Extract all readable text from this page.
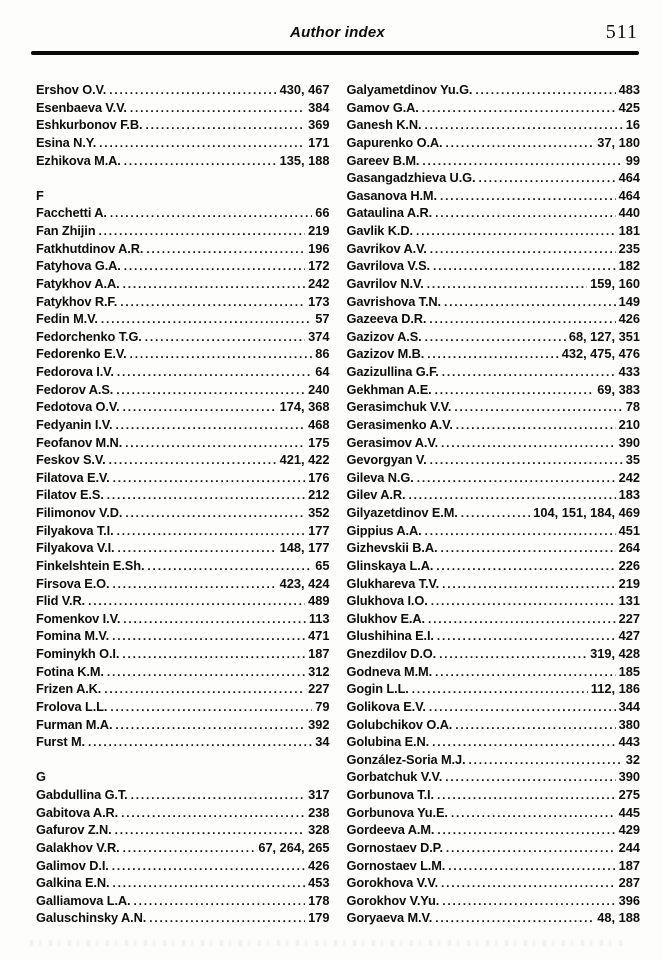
Author index	511
Ershov O.V. .....	430, 467
Esenbaeva V.V. .....	384
Eshkurbonov F.B. .....	369
Esina N.Y. .....	171
Ezhikova M.A. .....	135, 188
F
Facchetti A. .....	66
Fan Zhijin .....	219
Fatkhutdinov A.R. .....	196
Fatyhova G.A. .....	172
Fatykhov A.A. .....	242
Fatykhov R.F. .....	173
Fedin M.V. .....	57
Fedorchenko T.G. .....	374
Fedorenko E.V. .....	86
Fedorova I.V. .....	64
Fedorov A.S. .....	240
Fedotova O.V. .....	174, 368
Fedyanin I.V. .....	468
Feofanov M.N. .....	175
Feskov S.V. .....	421, 422
Filatova E.V. .....	176
Filatov E.S. .....	212
Filimonov V.D. .....	352
Filyakova T.I. .....	177
Filyakova V.I. .....	148, 177
Finkelshtein E.Sh. .....	65
Firsova E.O. .....	423, 424
Flid V.R. .....	489
Fomenkov I.V. .....	113
Fomina M.V. .....	471
Fominykh O.I. .....	187
Fotina K.M. .....	312
Frizen A.K. .....	227
Frolova L.L. .....	79
Furman M.A. .....	392
Furst M. .....	34
G
Gabdullina G.T. .....	317
Gabitova A.R. .....	238
Gafurov Z.N. .....	328
Galakhov V.R. .....	67, 264, 265
Galimov D.I. .....	426
Galkina E.N. .....	453
Galliamova L.A. .....	178
Galuschinsky A.N. .....	179
Galyametdinov Yu.G. .....	483
Gamov G.A. .....	425
Ganesh K.N. .....	16
Gapurenko O.A. .....	37, 180
Gareev B.M. .....	99
Gasangadzhieva U.G. .....	464
Gasanova H.M. .....	464
Gataulina A.R. .....	440
Gavlik K.D. .....	181
Gavrikov A.V. .....	235
Gavrilova V.S. .....	182
Gavrilov N.V. .....	159, 160
Gavrishova T.N. .....	149
Gazeeva D.R. .....	426
Gazizov A.S. .....	68, 127, 351
Gazizov M.B. .....	432, 475, 476
Gazizullina G.F. .....	433
Gekhman A.E. .....	69, 383
Gerasimchuk V.V. .....	78
Gerasimenko A.V. .....	210
Gerasimov A.V. .....	390
Gevorgyan V. .....	35
Gileva N.G. .....	242
Gilev A.R. .....	183
Gilyazetdinov E.M. .....	104, 151, 184, 469
Gippius A.A. .....	451
Gizhevskii B.A. .....	264
Glinskaya L.A. .....	226
Glukhareva T.V. .....	219
Glukhova I.O. .....	131
Glukhov E.A. .....	227
Glushihina E.I. .....	427
Gnezdilov D.O. .....	319, 428
Godneva M.M. .....	185
Gogin L.L. .....	112, 186
Golikova E.V. .....	344
Golubchikov O.A. .....	380
Golubina E.N. .....	443
González-Soria M.J. .....	32
Gorbatchuk V.V. .....	390
Gorbunova T.I. .....	275
Gorbunova Yu.E. .....	445
Gordeeva A.M. .....	429
Gornostaev D.P. .....	244
Gornostaev L.M. .....	187
Gorokhova V.V. .....	287
Gorokhov V.Yu. .....	396
Goryaeva M.V. .....	48, 188
